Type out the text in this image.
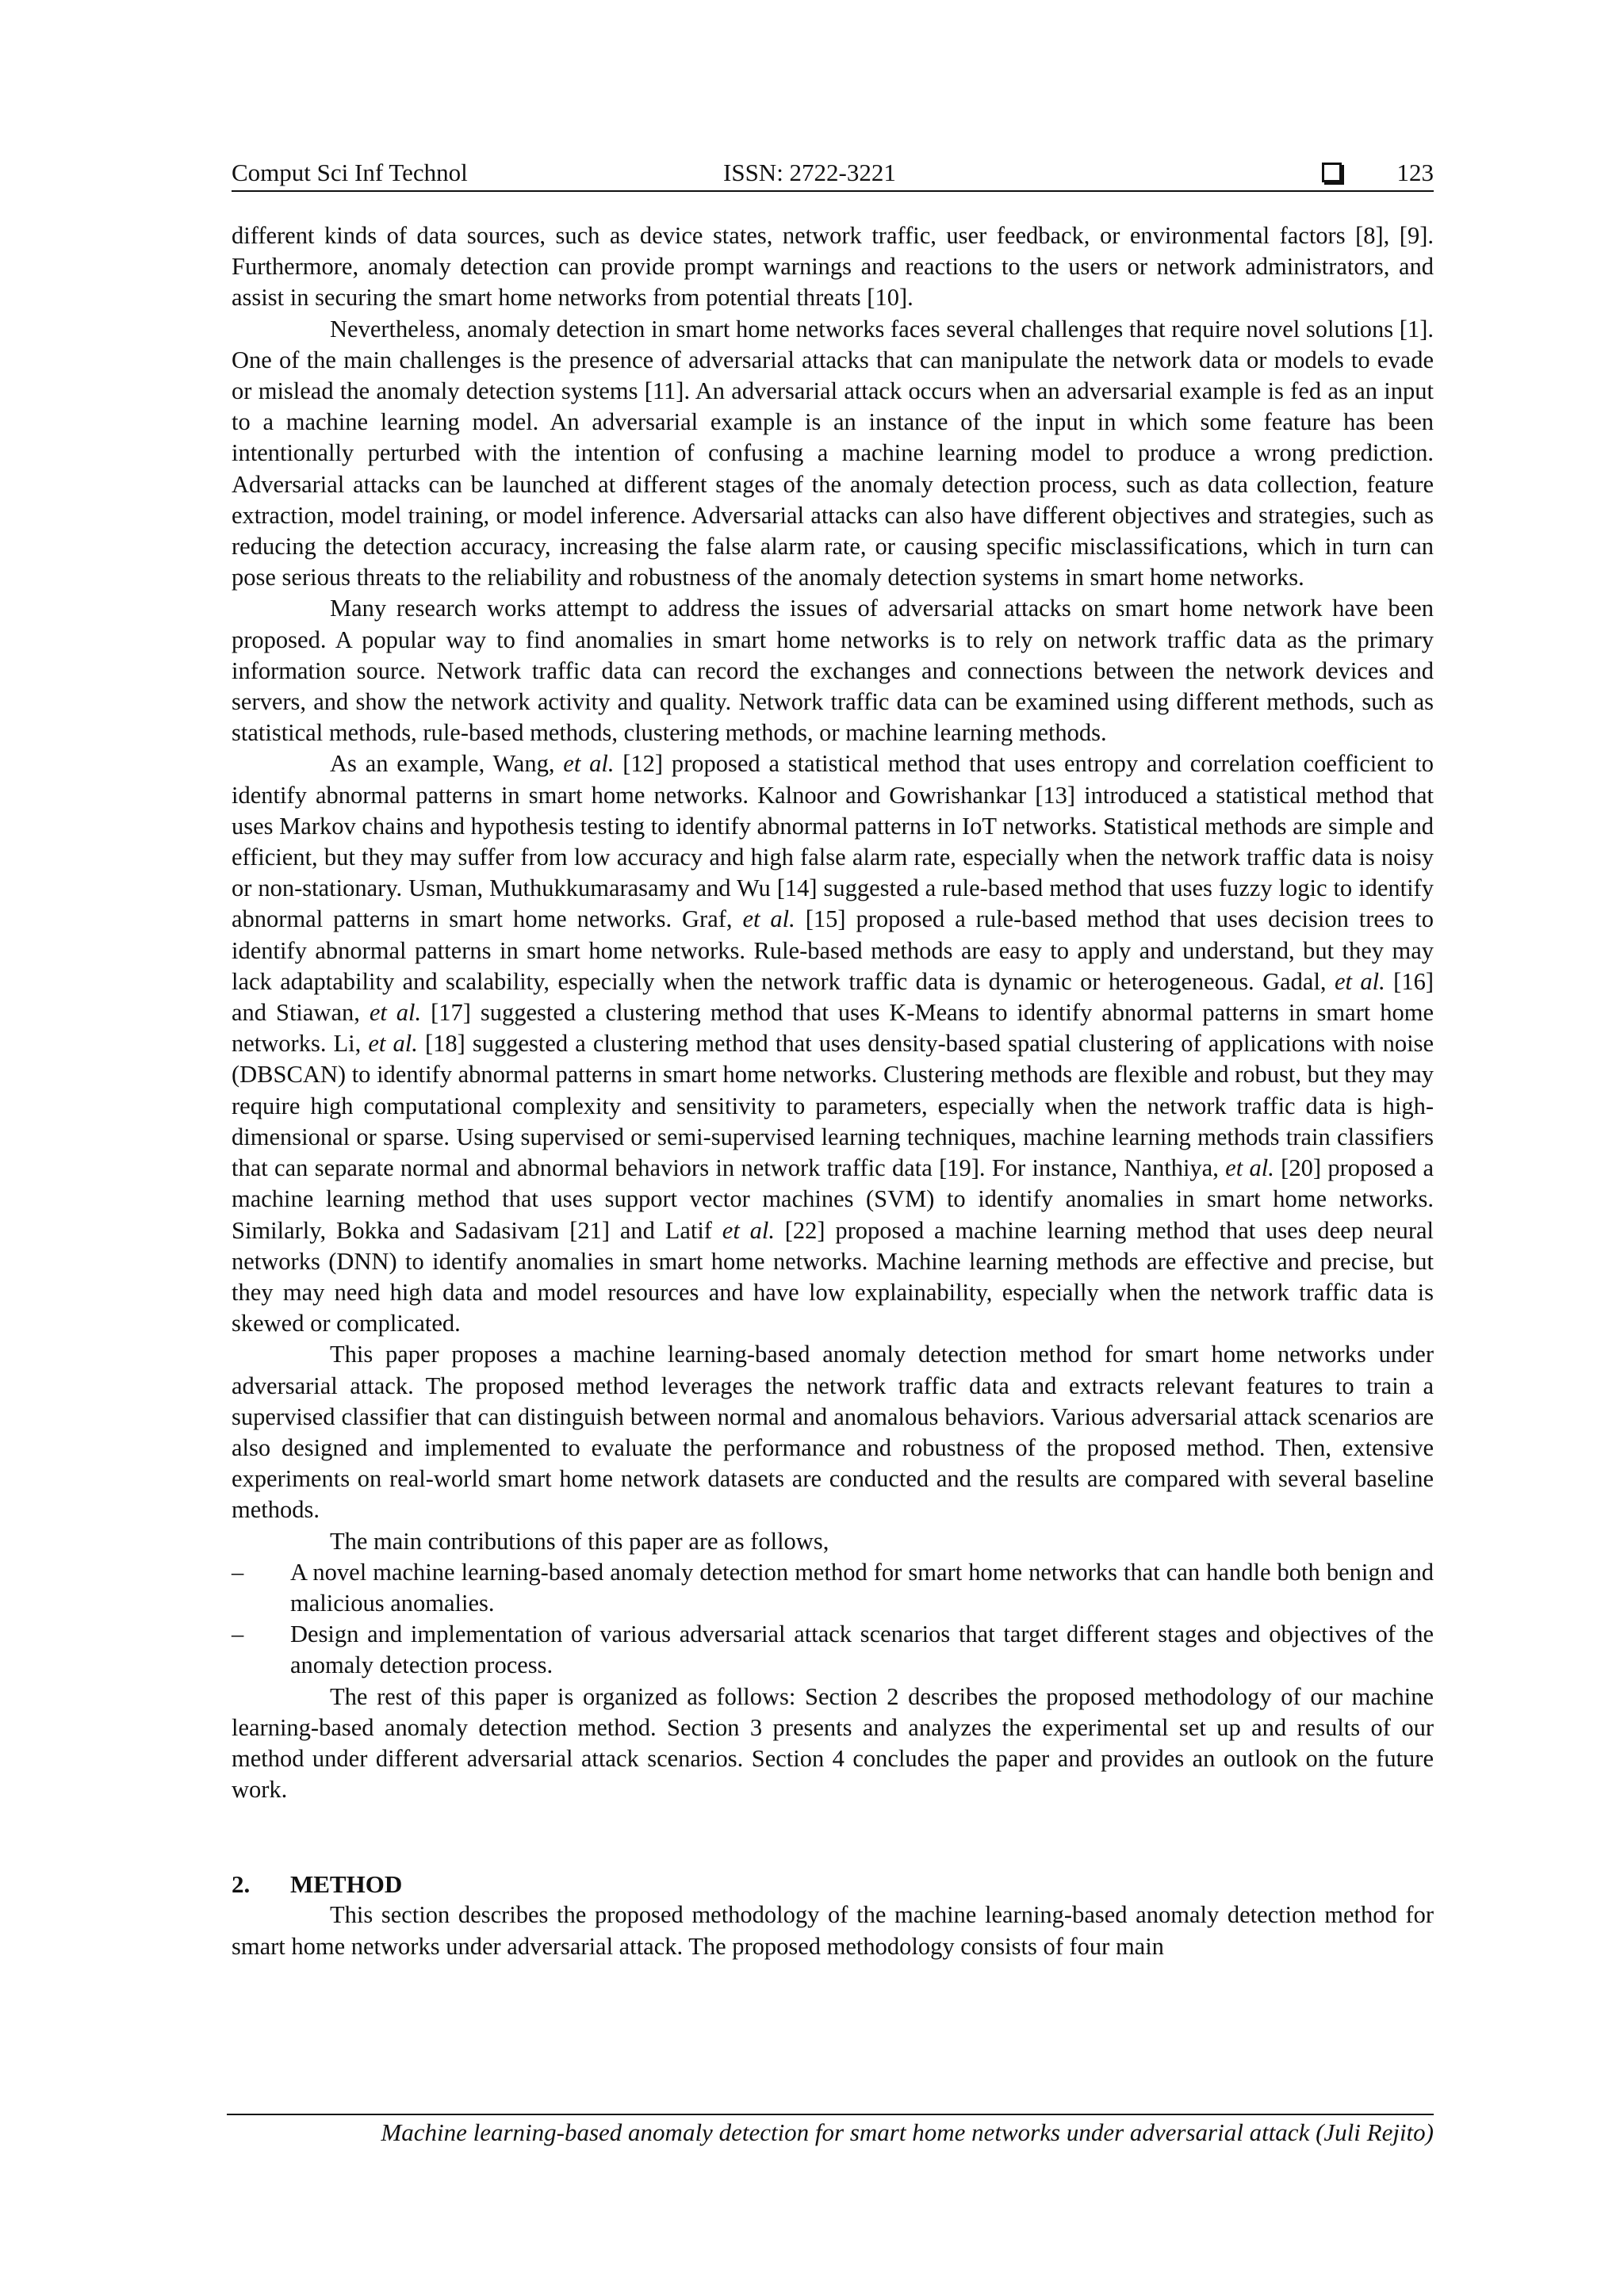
Comput Sci Inf Technol	ISSN: 2722-3221	123

different kinds of data sources, such as device states, network traffic, user feedback, or environmental factors [8], [9]. Furthermore, anomaly detection can provide prompt warnings and reactions to the users or network administrators, and assist in securing the smart home networks from potential threats [10].

Nevertheless, anomaly detection in smart home networks faces several challenges that require novel solutions [1]. One of the main challenges is the presence of adversarial attacks that can manipulate the network data or models to evade or mislead the anomaly detection systems [11]. An adversarial attack occurs when an adversarial example is fed as an input to a machine learning model. An adversarial example is an instance of the input in which some feature has been intentionally perturbed with the intention of confusing a machine learning model to produce a wrong prediction. Adversarial attacks can be launched at different stages of the anomaly detection process, such as data collection, feature extraction, model training, or model inference. Adversarial attacks can also have different objectives and strategies, such as reducing the detection accuracy, increasing the false alarm rate, or causing specific misclassifications, which in turn can pose serious threats to the reliability and robustness of the anomaly detection systems in smart home networks.

Many research works attempt to address the issues of adversarial attacks on smart home network have been proposed. A popular way to find anomalies in smart home networks is to rely on network traffic data as the primary information source. Network traffic data can record the exchanges and connections between the network devices and servers, and show the network activity and quality. Network traffic data can be examined using different methods, such as statistical methods, rule-based methods, clustering methods, or machine learning methods.

As an example, Wang, et al. [12] proposed a statistical method that uses entropy and correlation coefficient to identify abnormal patterns in smart home networks. Kalnoor and Gowrishankar [13] introduced a statistical method that uses Markov chains and hypothesis testing to identify abnormal patterns in IoT networks. Statistical methods are simple and efficient, but they may suffer from low accuracy and high false alarm rate, especially when the network traffic data is noisy or non-stationary. Usman, Muthukkumarasamy and Wu [14] suggested a rule-based method that uses fuzzy logic to identify abnormal patterns in smart home networks. Graf, et al. [15] proposed a rule-based method that uses decision trees to identify abnormal patterns in smart home networks. Rule-based methods are easy to apply and understand, but they may lack adaptability and scalability, especially when the network traffic data is dynamic or heterogeneous. Gadal, et al. [16] and Stiawan, et al. [17] suggested a clustering method that uses K-Means to identify abnormal patterns in smart home networks. Li, et al. [18] suggested a clustering method that uses density-based spatial clustering of applications with noise (DBSCAN) to identify abnormal patterns in smart home networks. Clustering methods are flexible and robust, but they may require high computational complexity and sensitivity to parameters, especially when the network traffic data is high-dimensional or sparse. Using supervised or semi-supervised learning techniques, machine learning methods train classifiers that can separate normal and abnormal behaviors in network traffic data [19]. For instance, Nanthiya, et al. [20] proposed a machine learning method that uses support vector machines (SVM) to identify anomalies in smart home networks. Similarly, Bokka and Sadasivam [21] and Latif et al. [22] proposed a machine learning method that uses deep neural networks (DNN) to identify anomalies in smart home networks. Machine learning methods are effective and precise, but they may need high data and model resources and have low explainability, especially when the network traffic data is skewed or complicated.

This paper proposes a machine learning-based anomaly detection method for smart home networks under adversarial attack. The proposed method leverages the network traffic data and extracts relevant features to train a supervised classifier that can distinguish between normal and anomalous behaviors. Various adversarial attack scenarios are also designed and implemented to evaluate the performance and robustness of the proposed method. Then, extensive experiments on real-world smart home network datasets are conducted and the results are compared with several baseline methods.

The main contributions of this paper are as follows,

– A novel machine learning-based anomaly detection method for smart home networks that can handle both benign and malicious anomalies.
– Design and implementation of various adversarial attack scenarios that target different stages and objectives of the anomaly detection process.

The rest of this paper is organized as follows: Section 2 describes the proposed methodology of our machine learning-based anomaly detection method. Section 3 presents and analyzes the experimental set up and results of our method under different adversarial attack scenarios. Section 4 concludes the paper and provides an outlook on the future work.

2. METHOD

This section describes the proposed methodology of the machine learning-based anomaly detection method for smart home networks under adversarial attack. The proposed methodology consists of four main

Machine learning-based anomaly detection for smart home networks under adversarial attack (Juli Rejito)
